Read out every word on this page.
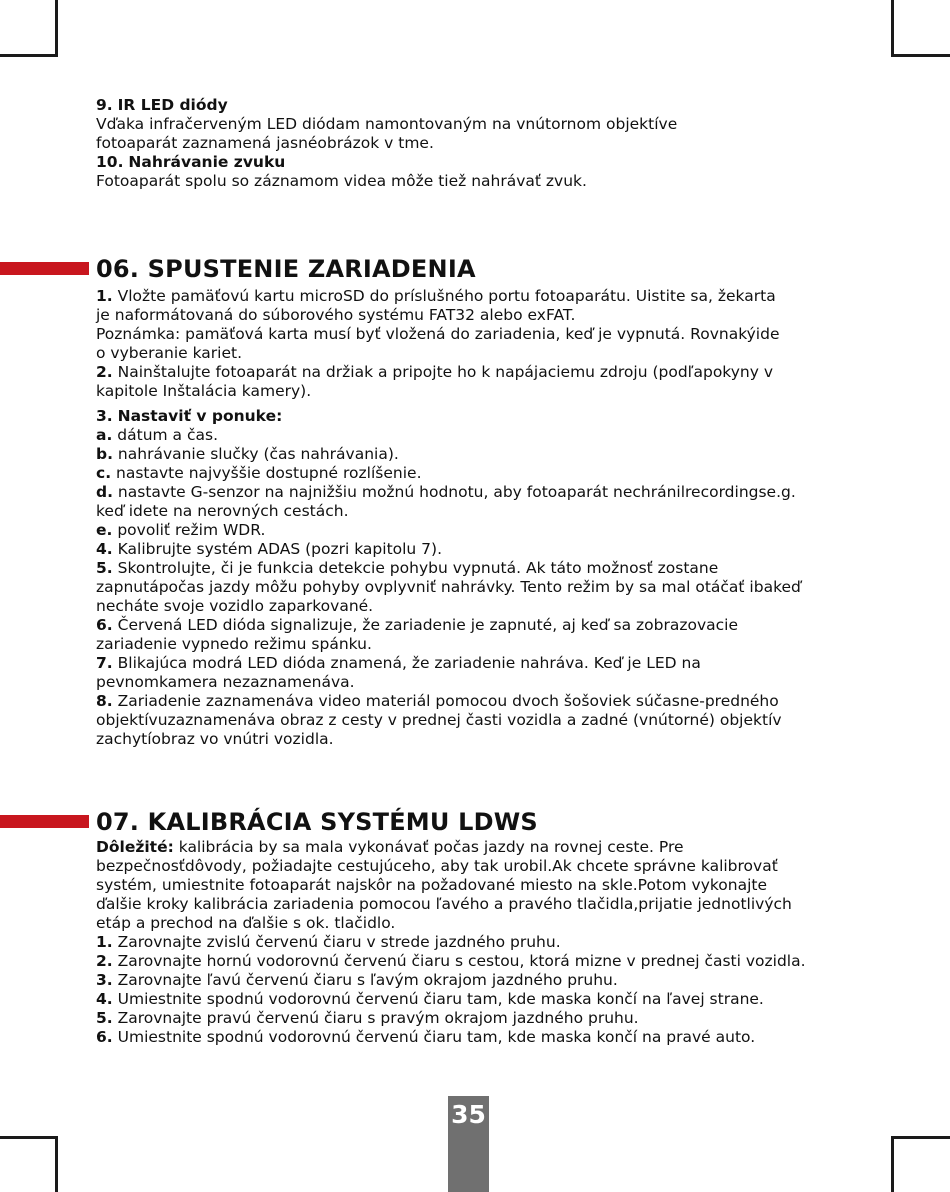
9. IR LED diódy

Vďaka infračerveným LED diódam namontovaným na vnútornom objektíve

fotoaparát zaznamená jasnéobrázok v tme.

10. Nahrávanie zvuku

Fotoaparát spolu so záznamom videa môže tiež nahrávať zvuk.

06. SPUSTENIE ZARIADENIA

1. Vložte pamäťovú kartu microSD do príslušného portu fotoaparátu. Uistite sa, žekarta

je naformátovaná do súborového systému FAT32 alebo exFAT.

Poznámka: pamäťová karta musí byť vložená do zariadenia, keď je vypnutá. Rovnakýide

o vyberanie kariet.

2. Nainštalujte fotoaparát na držiak a pripojte ho k napájaciemu zdroju (podľapokyny v

kapitole Inštalácia kamery).

3. Nastaviť v ponuke:

a. dátum a čas.

b. nahrávanie slučky (čas nahrávania).

c. nastavte najvyššie dostupné rozlíšenie.

d. nastavte G-senzor na najnižšiu možnú hodnotu, aby fotoaparát nechránilrecordingse.g.

keď idete na nerovných cestách.

e. povoliť režim WDR.

4. Kalibrujte systém ADAS (pozri kapitolu 7).

5. Skontrolujte, či je funkcia detekcie pohybu vypnutá. Ak táto možnosť zostane

zapnutápočas jazdy môžu pohyby ovplyvniť nahrávky. Tento režim by sa mal otáčať ibakeď

necháte svoje vozidlo zaparkované.

6. Červená LED dióda signalizuje, že zariadenie je zapnuté, aj keď sa zobrazovacie

zariadenie vypnedo režimu spánku.

7. Blikajúca modrá LED dióda znamená, že zariadenie nahráva. Keď je LED na

pevnomkamera nezaznamenáva.

8. Zariadenie zaznamenáva video materiál pomocou dvoch šošoviek súčasne-predného

objektívuzaznamenáva obraz z cesty v prednej časti vozidla a zadné (vnútorné) objektív

zachytíobraz vo vnútri vozidla.

07. KALIBRÁCIA SYSTÉMU LDWS

Dôležité: kalibrácia by sa mala vykonávať počas jazdy na rovnej ceste. Pre

bezpečnosťdôvody, požiadajte cestujúceho, aby tak urobil.Ak chcete správne kalibrovať

systém, umiestnite fotoaparát najskôr na požadované miesto na skle.Potom vykonajte

ďalšie kroky kalibrácia zariadenia pomocou ľavého a pravého tlačidla,prijatie jednotlivých

etáp a prechod na ďalšie s ok. tlačidlo.

1. Zarovnajte zvislú červenú čiaru v strede jazdného pruhu.

2. Zarovnajte hornú vodorovnú červenú čiaru s cestou, ktorá mizne v prednej časti vozidla.

3. Zarovnajte ľavú červenú čiaru s ľavým okrajom jazdného pruhu.

4. Umiestnite spodnú vodorovnú červenú čiaru tam, kde maska končí na ľavej strane.

5. Zarovnajte pravú červenú čiaru s pravým okrajom jazdného pruhu.

6. Umiestnite spodnú vodorovnú červenú čiaru tam, kde maska končí na pravé auto.

35
